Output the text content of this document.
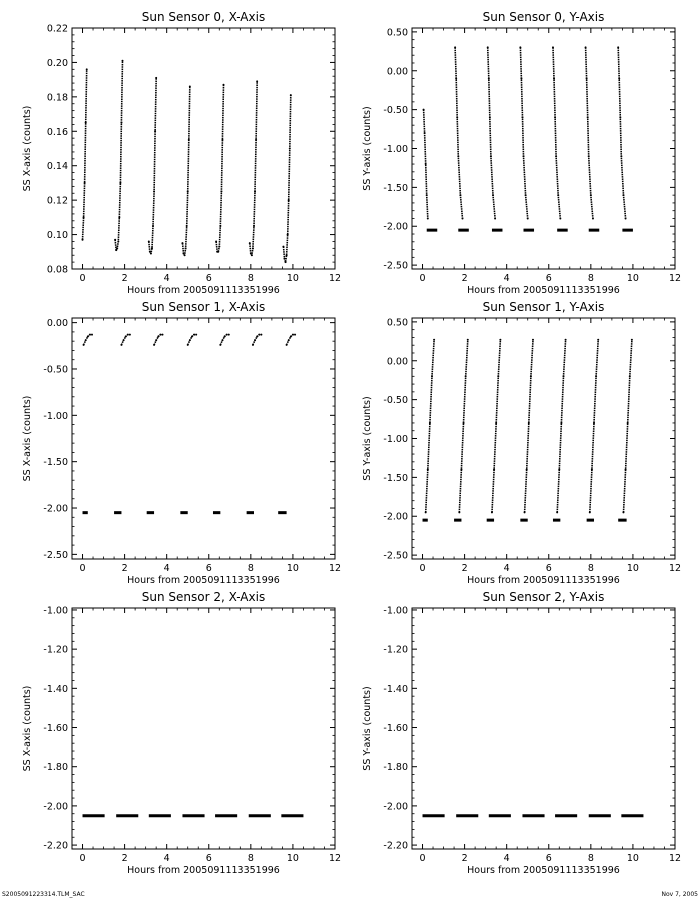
Sun Sensor 0, X-Axis
0	2	4	6	8	10	12
0.08
0.10
0.12
0.14
0.16
0.18
0.20
0.22
Hours from 2005091113351996
SS X-axis (counts)
Sun Sensor 0, Y-Axis
0	2	4	6	8	10	12
-2.50
-2.00
-1.50
-1.00
-0.50
0.00
0.50
Hours from 2005091113351996
SS Y-axis (counts)
Sun Sensor 1, X-Axis
0	2	4	6	8	10	12
-2.50
-2.00
-1.50
-1.00
-0.50
0.00
Hours from 2005091113351996
SS X-axis (counts)
Sun Sensor 1, Y-Axis
0	2	4	6	8	10	12
-2.50
-2.00
-1.50
-1.00
-0.50
0.00
0.50
Hours from 2005091113351996
SS Y-axis (counts)
Sun Sensor 2, X-Axis
0	2	4	6	8	10	12
-2.20
-2.00
-1.80
-1.60
-1.40
-1.20
-1.00
Hours from 2005091113351996
SS X-axis (counts)
Sun Sensor 2, Y-Axis
0	2	4	6	8	10	12
-2.20
-2.00
-1.80
-1.60
-1.40
-1.20
-1.00
Hours from 2005091113351996
SS Y-axis (counts)
S2005091223314.TLM_SAC	Nov 7, 2005
